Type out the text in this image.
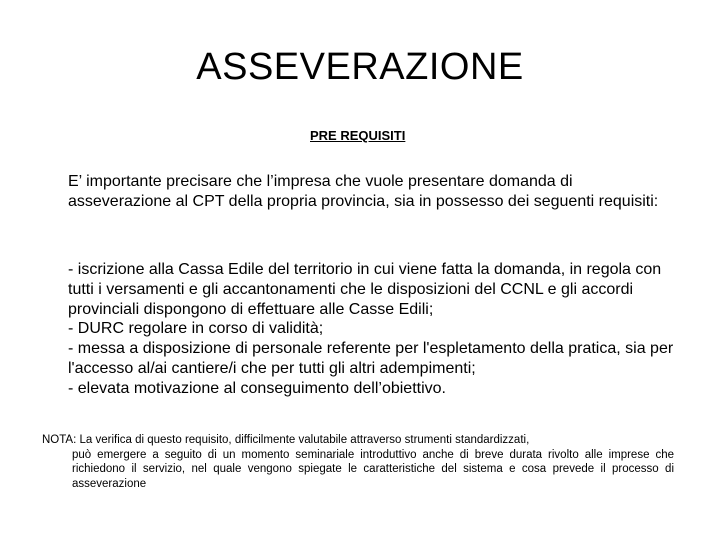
ASSEVERAZIONE
PRE REQUISITI

E’ importante precisare che l’impresa che vuole presentare domanda di asseverazione al CPT della propria provincia, sia in possesso dei seguenti requisiti:

- iscrizione alla Cassa Edile del territorio in cui viene fatta la domanda, in regola con tutti i versamenti e gli accantonamenti che le disposizioni del CCNL e gli accordi provinciali dispongono di effettuare alle Casse Edili;
- DURC regolare in corso di validità;
- messa a disposizione di personale referente per l'espletamento della pratica, sia per l'accesso al/ai cantiere/i che per tutti gli altri adempimenti;
- elevata motivazione al conseguimento dell’obiettivo.
NOTA: La verifica di questo requisito, difficilmente valutabile attraverso strumenti standardizzati,
può emergere a seguito di un momento seminariale introduttivo anche di breve durata rivolto alle imprese che richiedono il servizio, nel quale vengono spiegate le caratteristiche del sistema e cosa prevede il processo di asseverazione
